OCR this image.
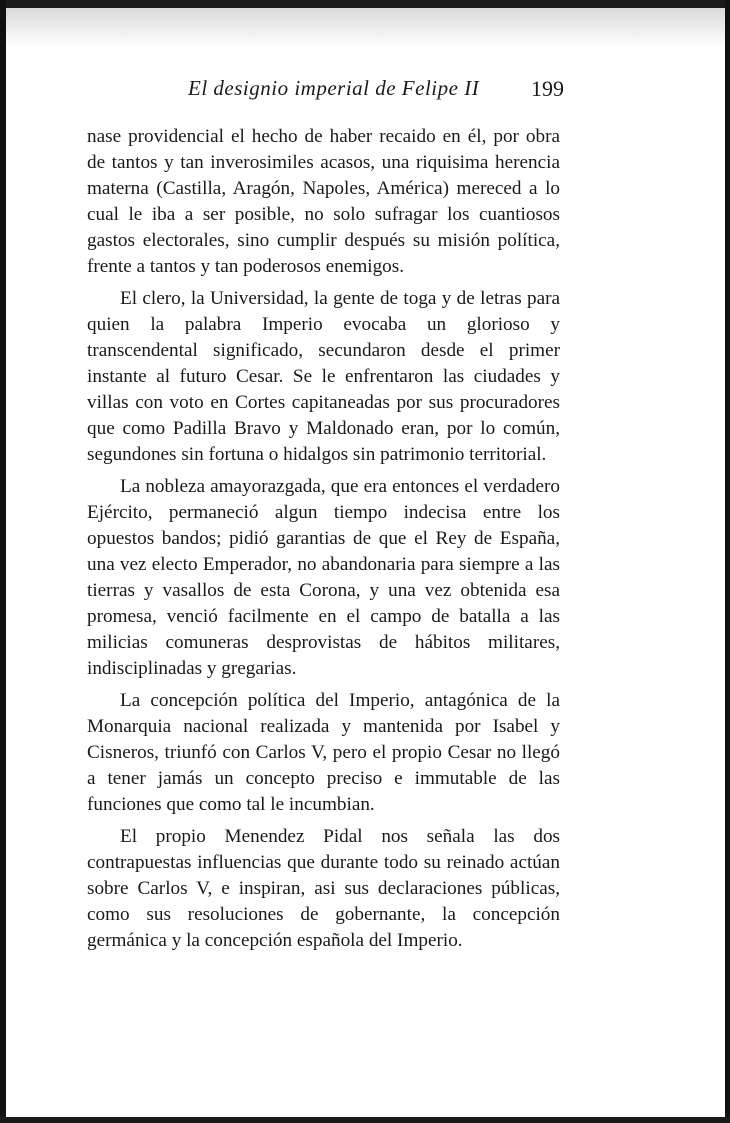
El designio imperial de Felipe II 199

nase providencial el hecho de haber recaido en él, por obra de tantos y tan inverosimiles acasos, una riquisima herencia materna (Castilla, Aragón, Napoles, América) mereced a lo cual le iba a ser posible, no solo sufragar los cuantiosos gastos electorales, sino cumplir después su misión política, frente a tantos y tan poderosos enemigos.

El clero, la Universidad, la gente de toga y de letras para quien la palabra Imperio evocaba un glorioso y transcendental significado, secundaron desde el primer instante al futuro Cesar. Se le enfrentaron las ciudades y villas con voto en Cortes capitaneadas por sus procuradores que como Padilla Bravo y Maldonado eran, por lo común, segundones sin fortuna o hidalgos sin patrimonio territorial.

La nobleza amayorazgada, que era entonces el verdadero Ejército, permaneció algun tiempo indecisa entre los opuestos bandos; pidió garantias de que el Rey de España, una vez electo Emperador, no abandonaria para siempre a las tierras y vasallos de esta Corona, y una vez obtenida esa promesa, venció facilmente en el campo de batalla a las milicias comuneras desprovistas de hábitos militares, indisciplinadas y gregarias.

La concepción política del Imperio, antagónica de la Monarquia nacional realizada y mantenida por Isabel y Cisneros, triunfó con Carlos V, pero el propio Cesar no llegó a tener jamás un concepto preciso e immutable de las funciones que como tal le incumbian.

El propio Menendez Pidal nos señala las dos contrapuestas influencias que durante todo su reinado actúan sobre Carlos V, e inspiran, asi sus declaraciones públicas, como sus resoluciones de gobernante, la concepción germánica y la concepción española del Imperio.
